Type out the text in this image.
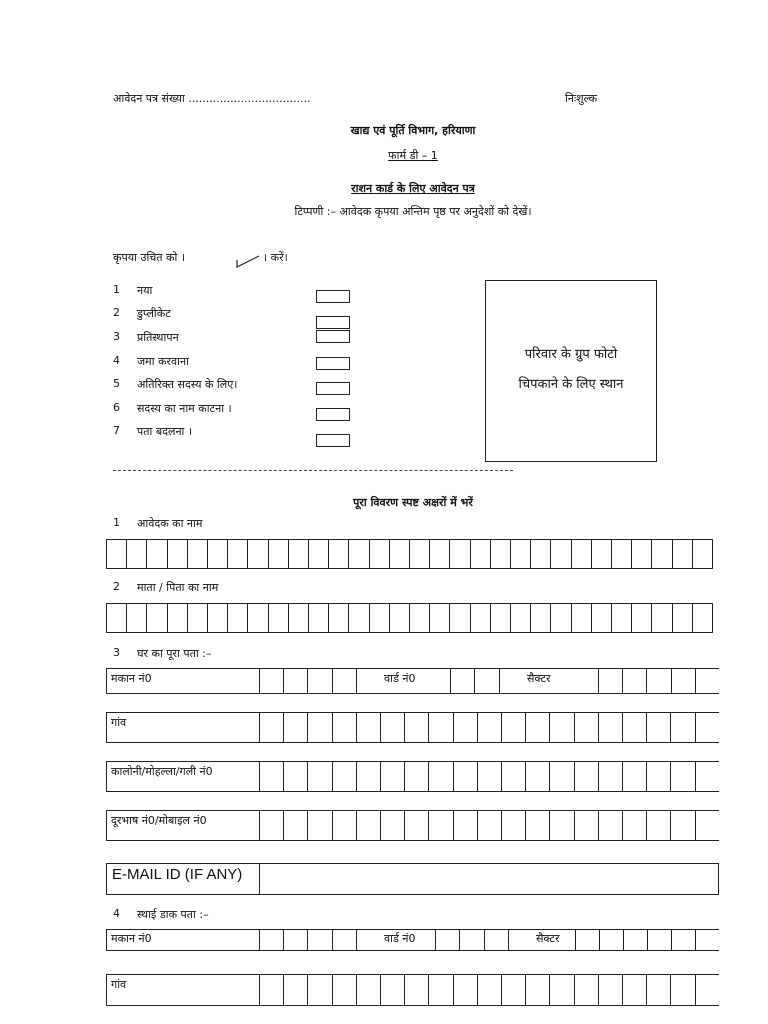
आवेदन पत्र संख्या ...................................	निःशुल्क
खाद्य एवं पूर्ति विभाग, हरियाणा
फार्म डी – 1
राशन कार्ड के लिए आवेदन पत्र
टिप्पणी :– आवेदक कृपया अन्तिम पृष्ठ पर अनुदेशों को देखें।
कृपया उचित को ।	। करें।
1 नया
2 डुप्लीकेट
3 प्रतिस्थापन
4 जमा करवाना
5 अतिरिक्त सदस्य के लिए।
6 सदस्य का नाम काटना ।
7 पता बदलना ।
परिवार के ग्रुप फोटो
चिपकाने के लिए स्थान
पूरा विवरण स्पष्ट अक्षरों में भरें
1 आवेदक का नाम
2 माता / पिता का नाम
3 घर का पूरा पता :–
मकान नं0	वार्ड नं0	सैक्टर
गांव
कालोनी/मोहल्ला/गली नं0
दूरभाष नं0/मोबाइल नं0
E-MAIL ID (IF ANY)
4 स्थाई डाक पता :–
मकान नं0	वार्ड नं0	सैक्टर
गांव
